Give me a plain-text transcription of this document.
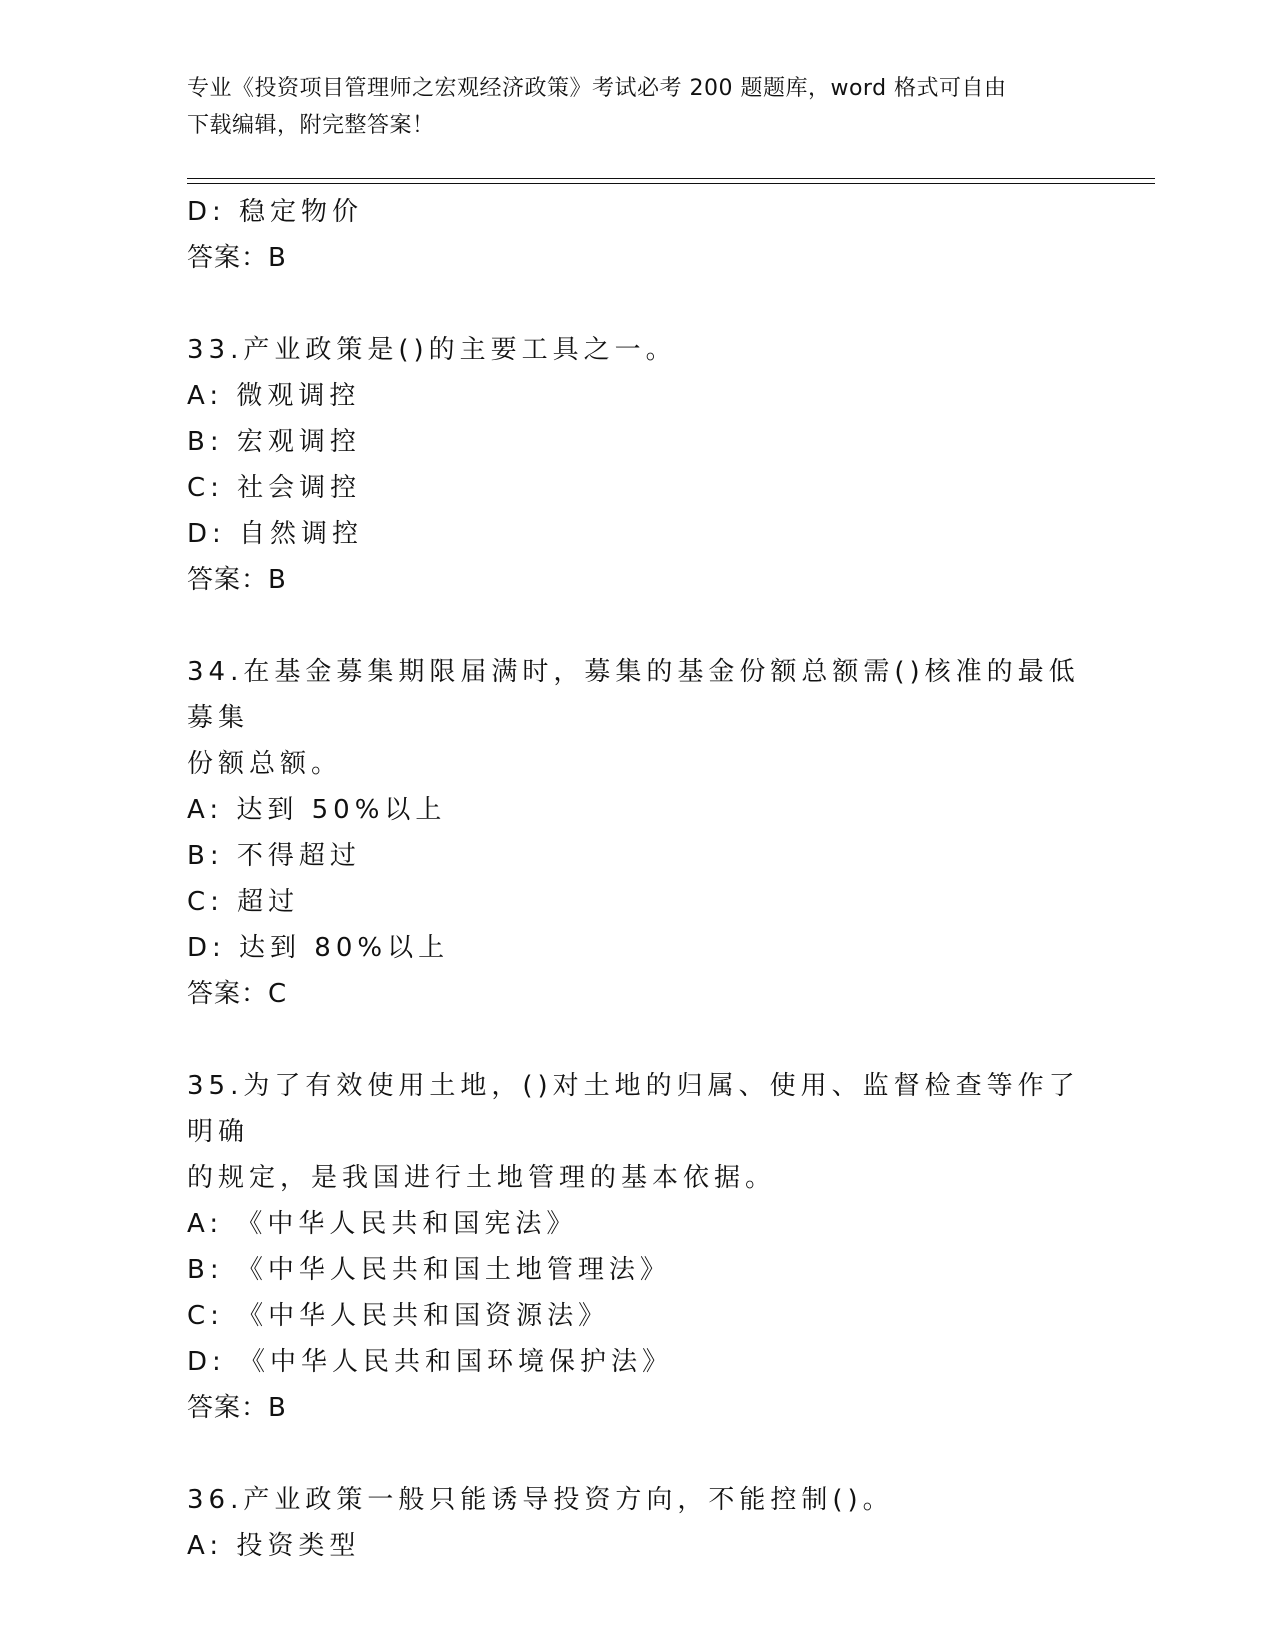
专业《投资项目管理师之宏观经济政策》考试必考 200 题题库，word 格式可自由
下载编辑，附完整答案！
D: 稳定物价
答案：B
33.产业政策是()的主要工具之一。
A: 微观调控
B: 宏观调控
C: 社会调控
D: 自然调控
答案：B
34.在基金募集期限届满时，募集的基金份额总额需()核准的最低募集
份额总额。
A: 达到 50%以上
B: 不得超过
C: 超过
D: 达到 80%以上
答案：C
35.为了有效使用土地，()对土地的归属、使用、监督检查等作了明确
的规定，是我国进行土地管理的基本依据。
A: 《中华人民共和国宪法》
B: 《中华人民共和国土地管理法》
C: 《中华人民共和国资源法》
D: 《中华人民共和国环境保护法》
答案：B
36.产业政策一般只能诱导投资方向，不能控制()。
A: 投资类型
